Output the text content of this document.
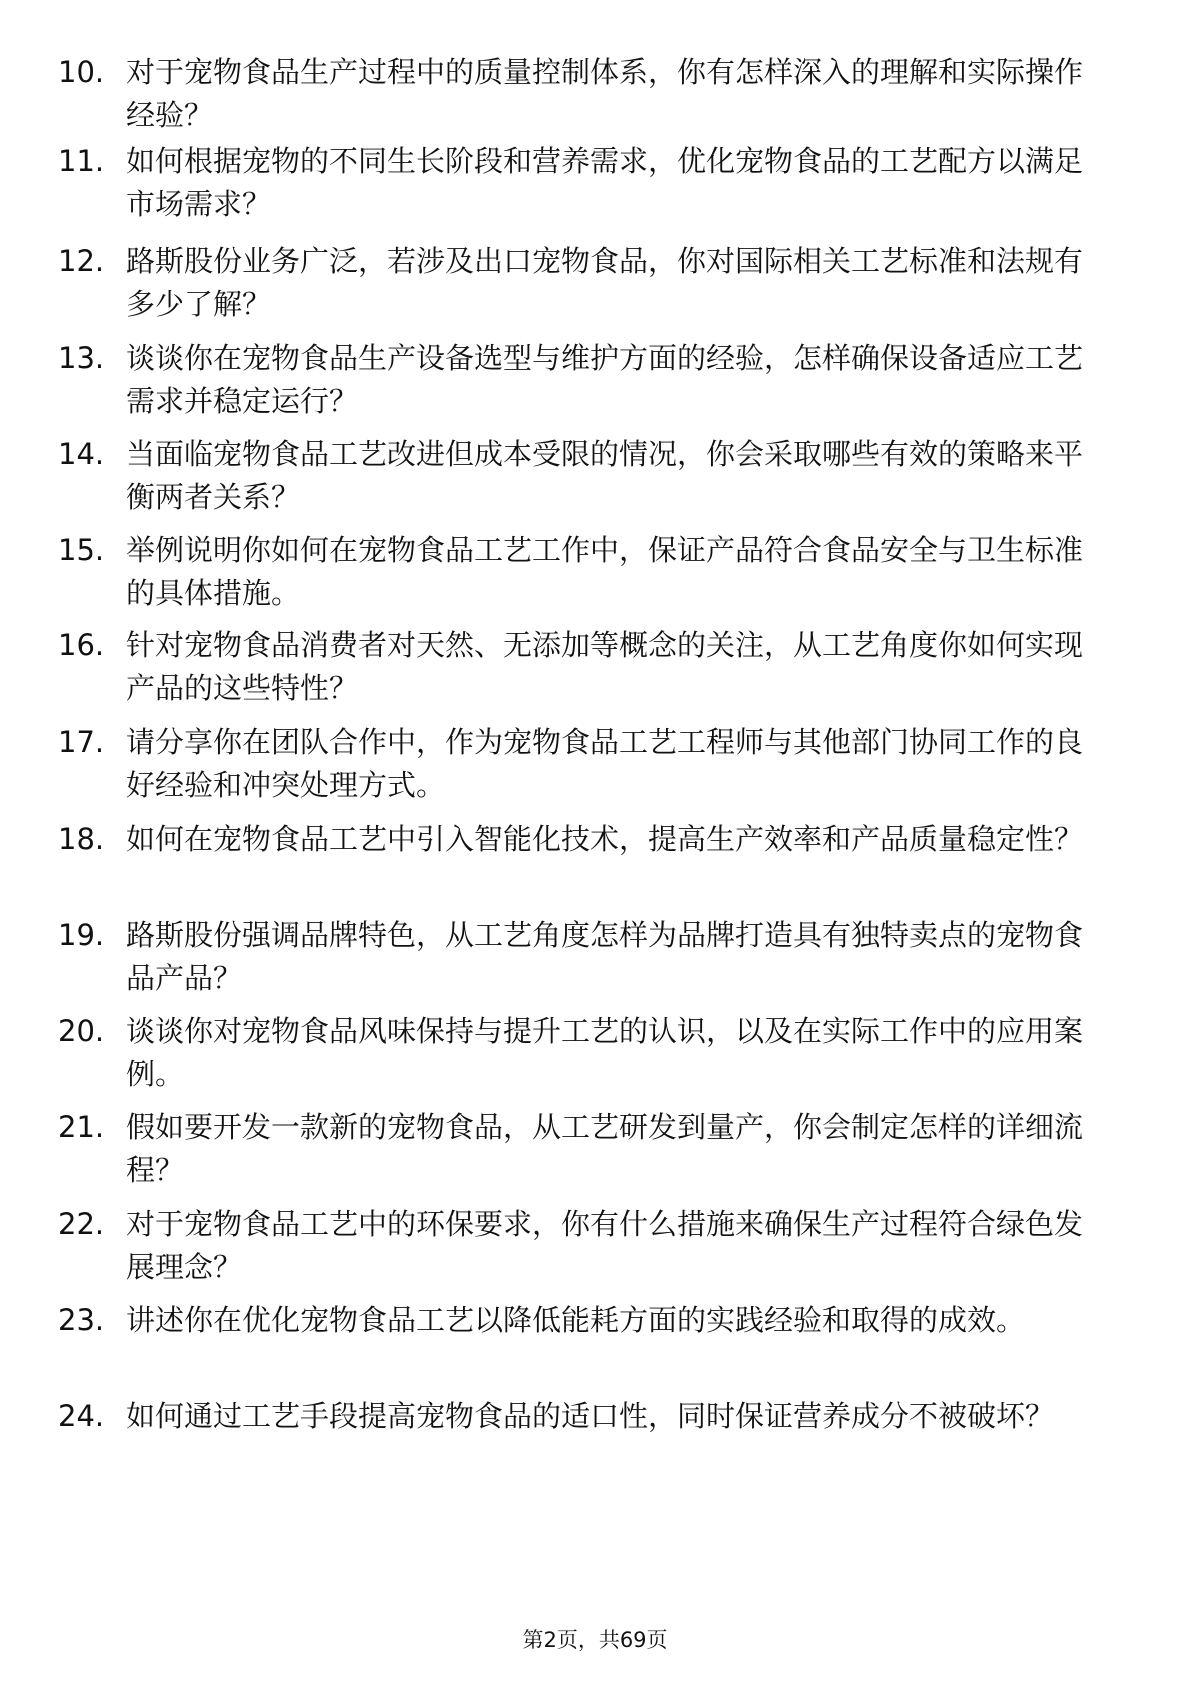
10. 对于宠物食品生产过程中的质量控制体系，你有怎样深入的理解和实际操作经验？
11. 如何根据宠物的不同生长阶段和营养需求，优化宠物食品的工艺配方以满足市场需求？
12. 路斯股份业务广泛，若涉及出口宠物食品，你对国际相关工艺标准和法规有多少了解？
13. 谈谈你在宠物食品生产设备选型与维护方面的经验，怎样确保设备适应工艺需求并稳定运行？
14. 当面临宠物食品工艺改进但成本受限的情况，你会采取哪些有效的策略来平衡两者关系？
15. 举例说明你如何在宠物食品工艺工作中，保证产品符合食品安全与卫生标准的具体措施。
16. 针对宠物食品消费者对天然、无添加等概念的关注，从工艺角度你如何实现产品的这些特性？
17. 请分享你在团队合作中，作为宠物食品工艺工程师与其他部门协同工作的良好经验和冲突处理方式。
18. 如何在宠物食品工艺中引入智能化技术，提高生产效率和产品质量稳定性？
19. 路斯股份强调品牌特色，从工艺角度怎样为品牌打造具有独特卖点的宠物食品产品？
20. 谈谈你对宠物食品风味保持与提升工艺的认识，以及在实际工作中的应用案例。
21. 假如要开发一款新的宠物食品，从工艺研发到量产，你会制定怎样的详细流程？
22. 对于宠物食品工艺中的环保要求，你有什么措施来确保生产过程符合绿色发展理念？
23. 讲述你在优化宠物食品工艺以降低能耗方面的实践经验和取得的成效。
24. 如何通过工艺手段提高宠物食品的适口性，同时保证营养成分不被破坏？
第2页，共69页
